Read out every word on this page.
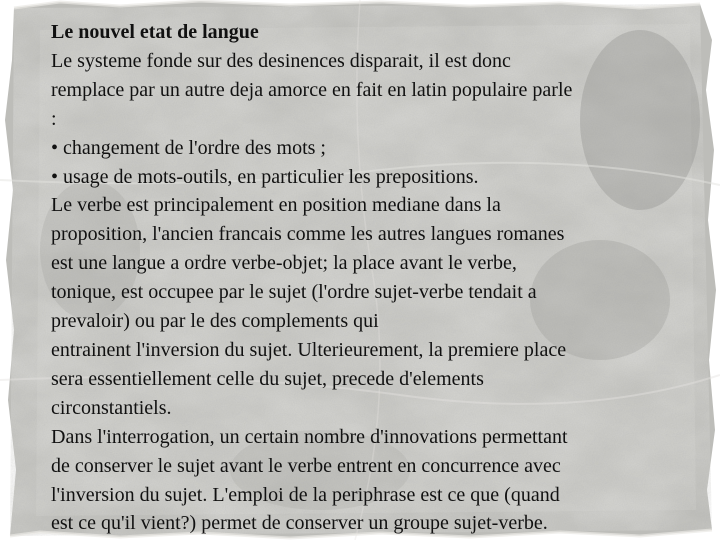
Le nouvel etat de langue
Le systeme fonde sur des desinences disparait, il est donc
remplace par un autre deja amorce en fait en latin populaire parle
:
• changement de l'ordre des mots ;
• usage de mots-outils, en particulier les prepositions.
Le verbe est principalement en position mediane dans la
proposition, l'ancien francais comme les autres langues romanes
est une langue a ordre verbe-objet; la place avant le verbe,
tonique, est occupee par le sujet (l'ordre sujet-verbe tendait a
prevaloir) ou par le des complements qui
entrainent l'inversion du sujet. Ulterieurement, la premiere place
sera essentiellement celle du sujet, precede d'elements
circonstantiels.
Dans l'interrogation, un certain nombre d'innovations permettant
de conserver le sujet avant le verbe entrent en concurrence avec
l'inversion du sujet. L'emploi de la periphrase est ce que (quand
est ce qu'il vient?) permet de conserver un groupe sujet-verbe.
